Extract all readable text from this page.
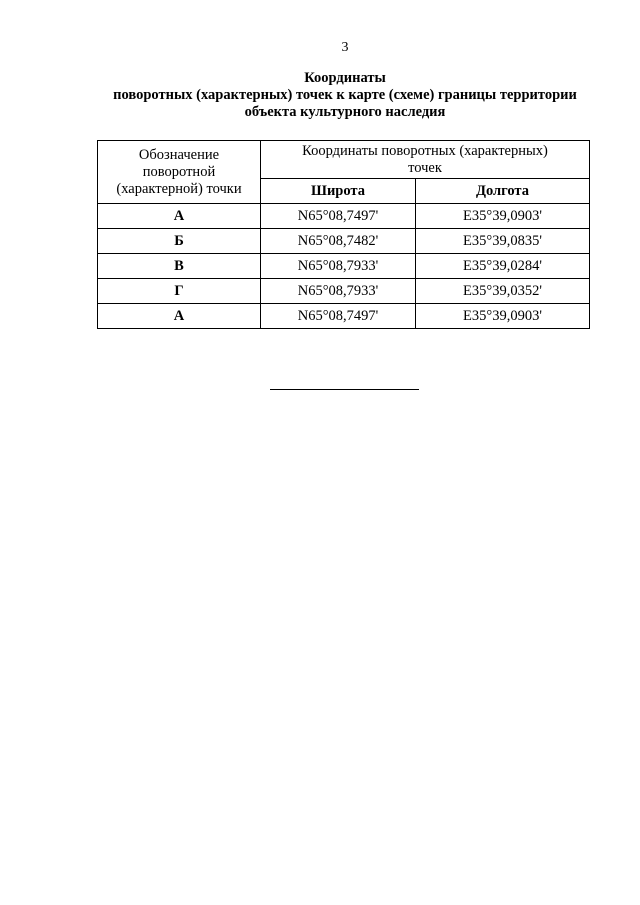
3
Координаты
поворотных (характерных) точек к карте (схеме) границы территории
объекта культурного наследия
Обозначение поворотной (характерной) точки	Координаты поворотных (характерных) точек	
	Широта	Долгота
А	N65°08,7497'	E35°39,0903'
Б	N65°08,7482'	E35°39,0835'
В	N65°08,7933'	E35°39,0284'
Г	N65°08,7933'	E35°39,0352'
А	N65°08,7497'	E35°39,0903'
